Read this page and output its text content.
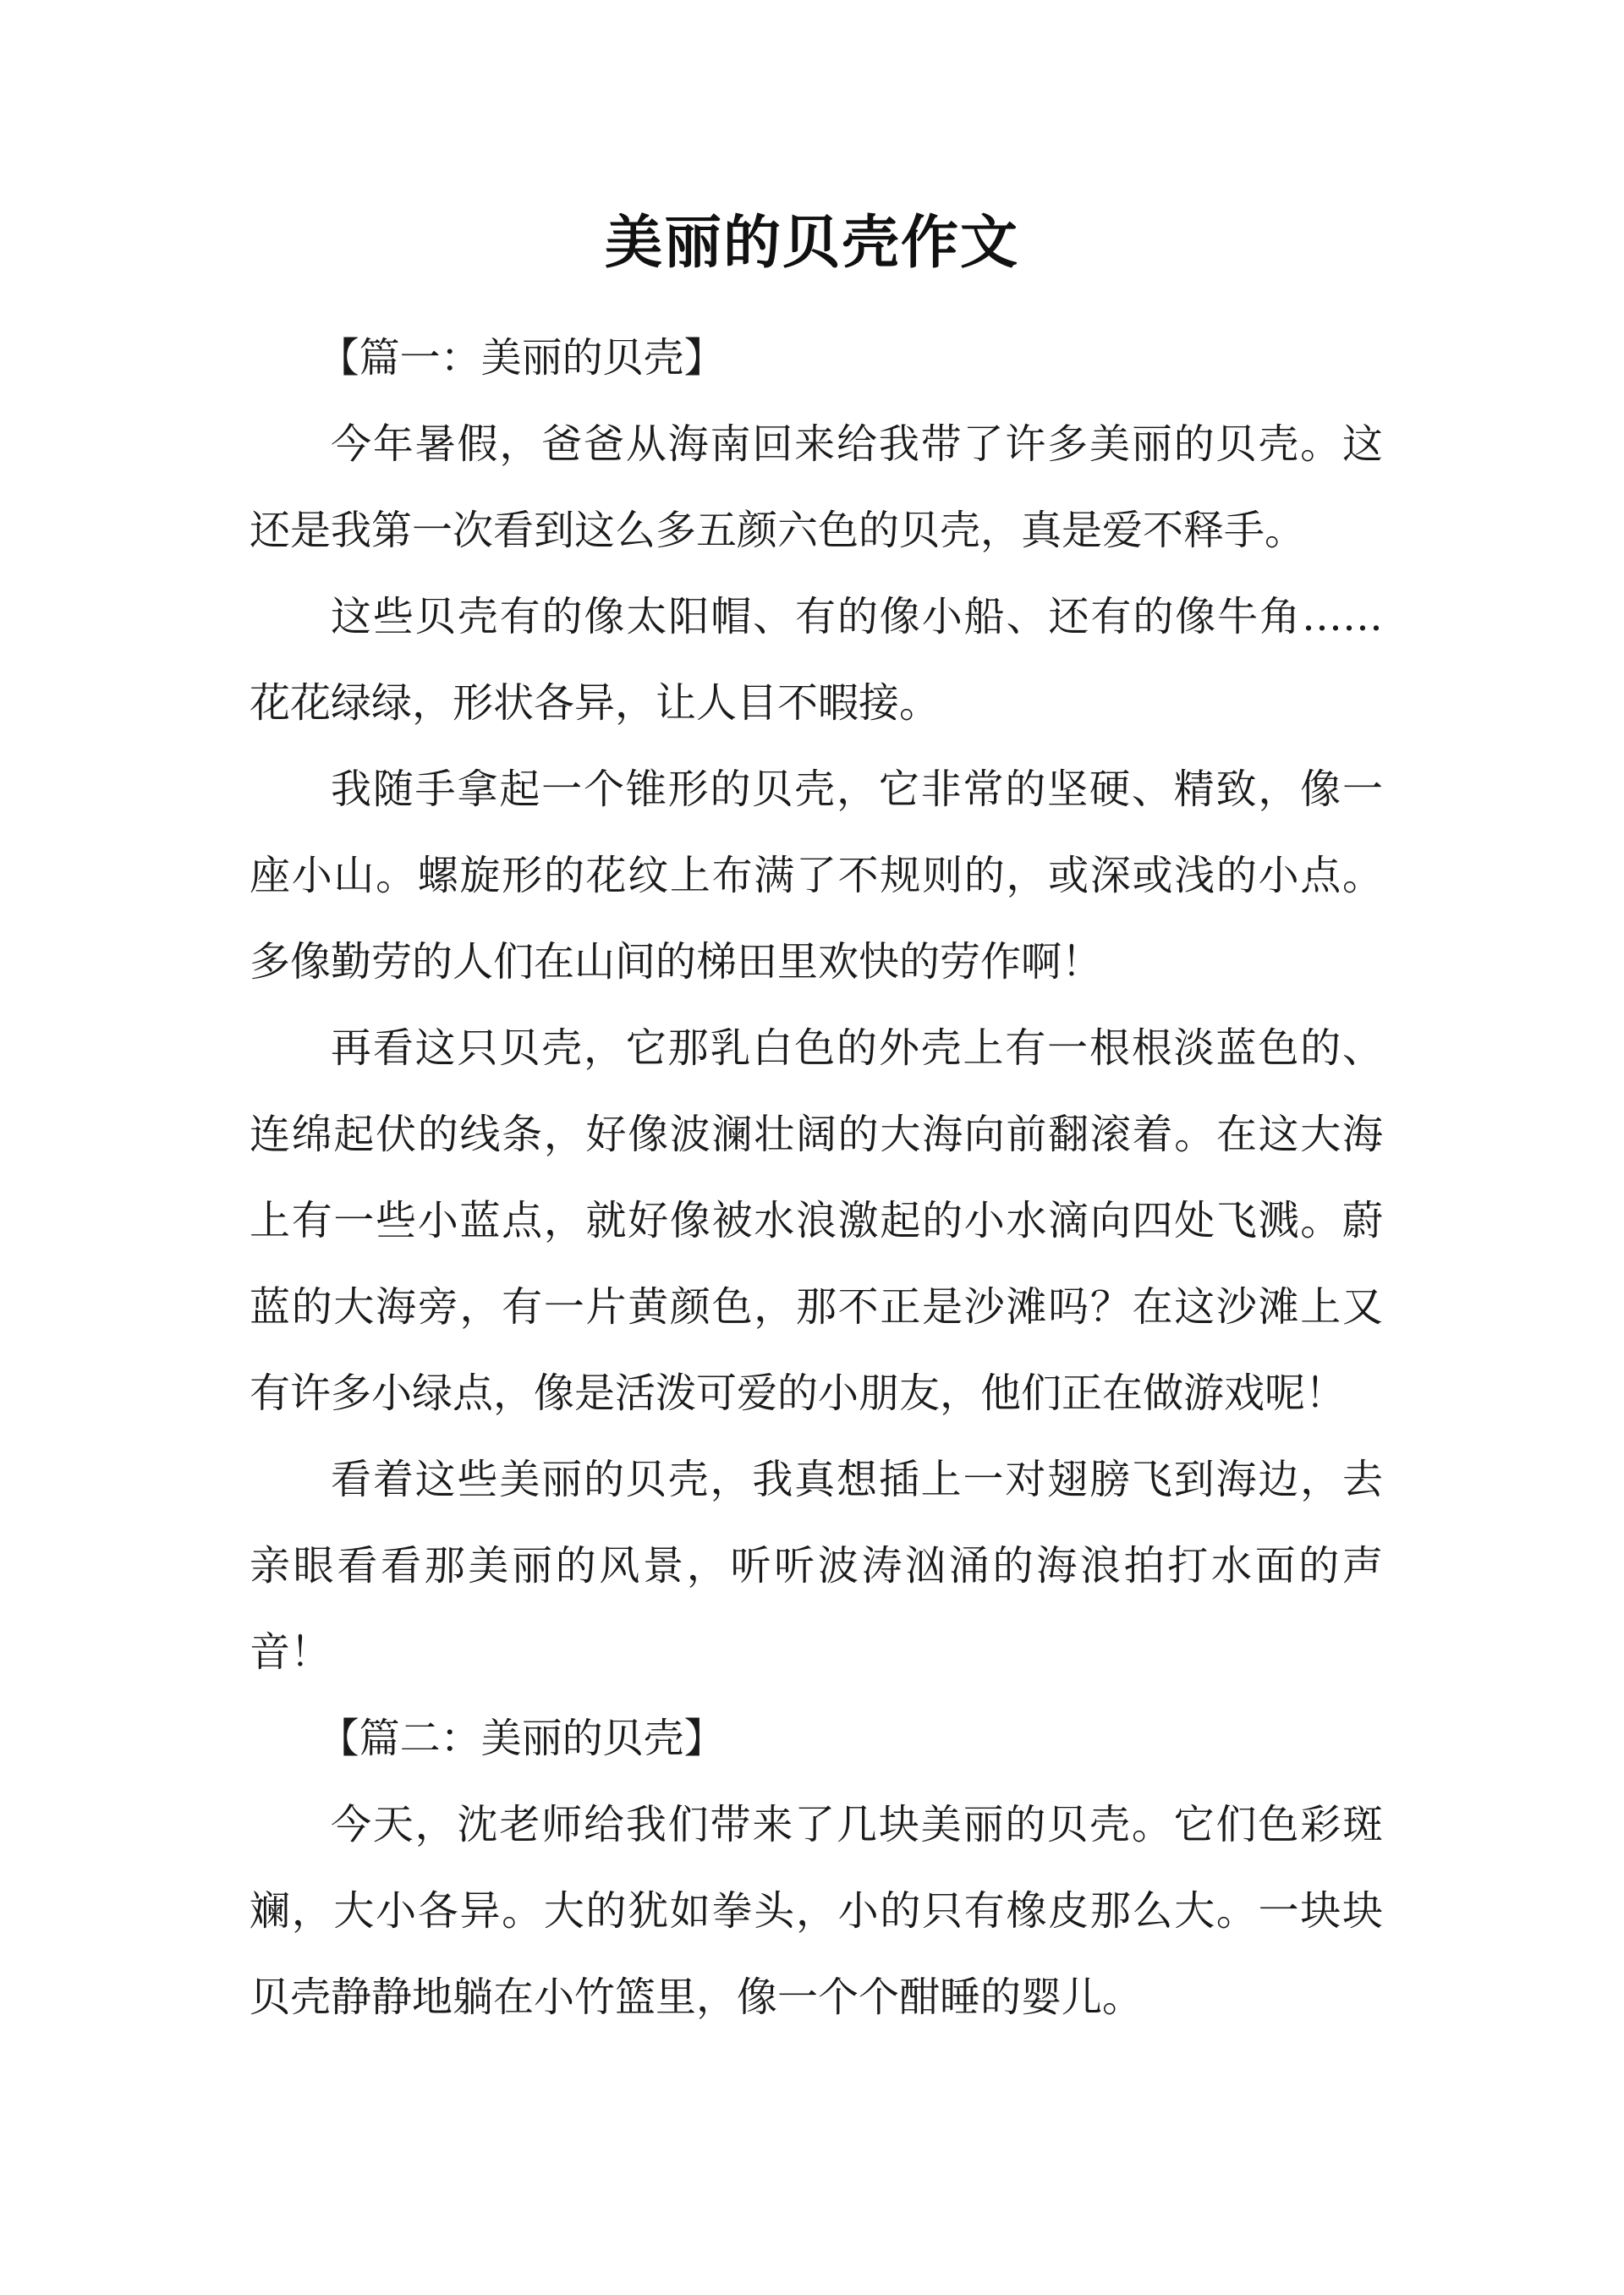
美丽的贝壳作文

【篇一：美丽的贝壳】

今年暑假，爸爸从海南回来给我带了许多美丽的贝壳。这还是我第一次看到这么多五颜六色的贝壳，真是爱不释手。

这些贝壳有的像太阳帽、有的像小船、还有的像牛角……花花绿绿，形状各异，让人目不暇接。

我随手拿起一个锥形的贝壳，它非常的坚硬、精致，像一座小山。螺旋形的花纹上布满了不规则的，或深或浅的小点。多像勤劳的人们在山间的梯田里欢快的劳作啊！

再看这只贝壳，它那乳白色的外壳上有一根根淡蓝色的、连绵起伏的线条，好像波澜壮阔的大海向前翻滚着。在这大海上有一些小蓝点，就好像被水浪激起的小水滴向四处飞溅。蔚蓝的大海旁，有一片黄颜色，那不正是沙滩吗？在这沙滩上又有许多小绿点，像是活泼可爱的小朋友，他们正在做游戏呢！

看着这些美丽的贝壳，我真想插上一对翅膀飞到海边，去亲眼看看那美丽的风景，听听波涛汹涌的海浪拍打水面的声音！

【篇二：美丽的贝壳】

今天，沈老师给我们带来了几块美丽的贝壳。它们色彩斑斓，大小各异。大的犹如拳头，小的只有橡皮那么大。一块块贝壳静静地躺在小竹篮里，像一个个酣睡的婴儿。
